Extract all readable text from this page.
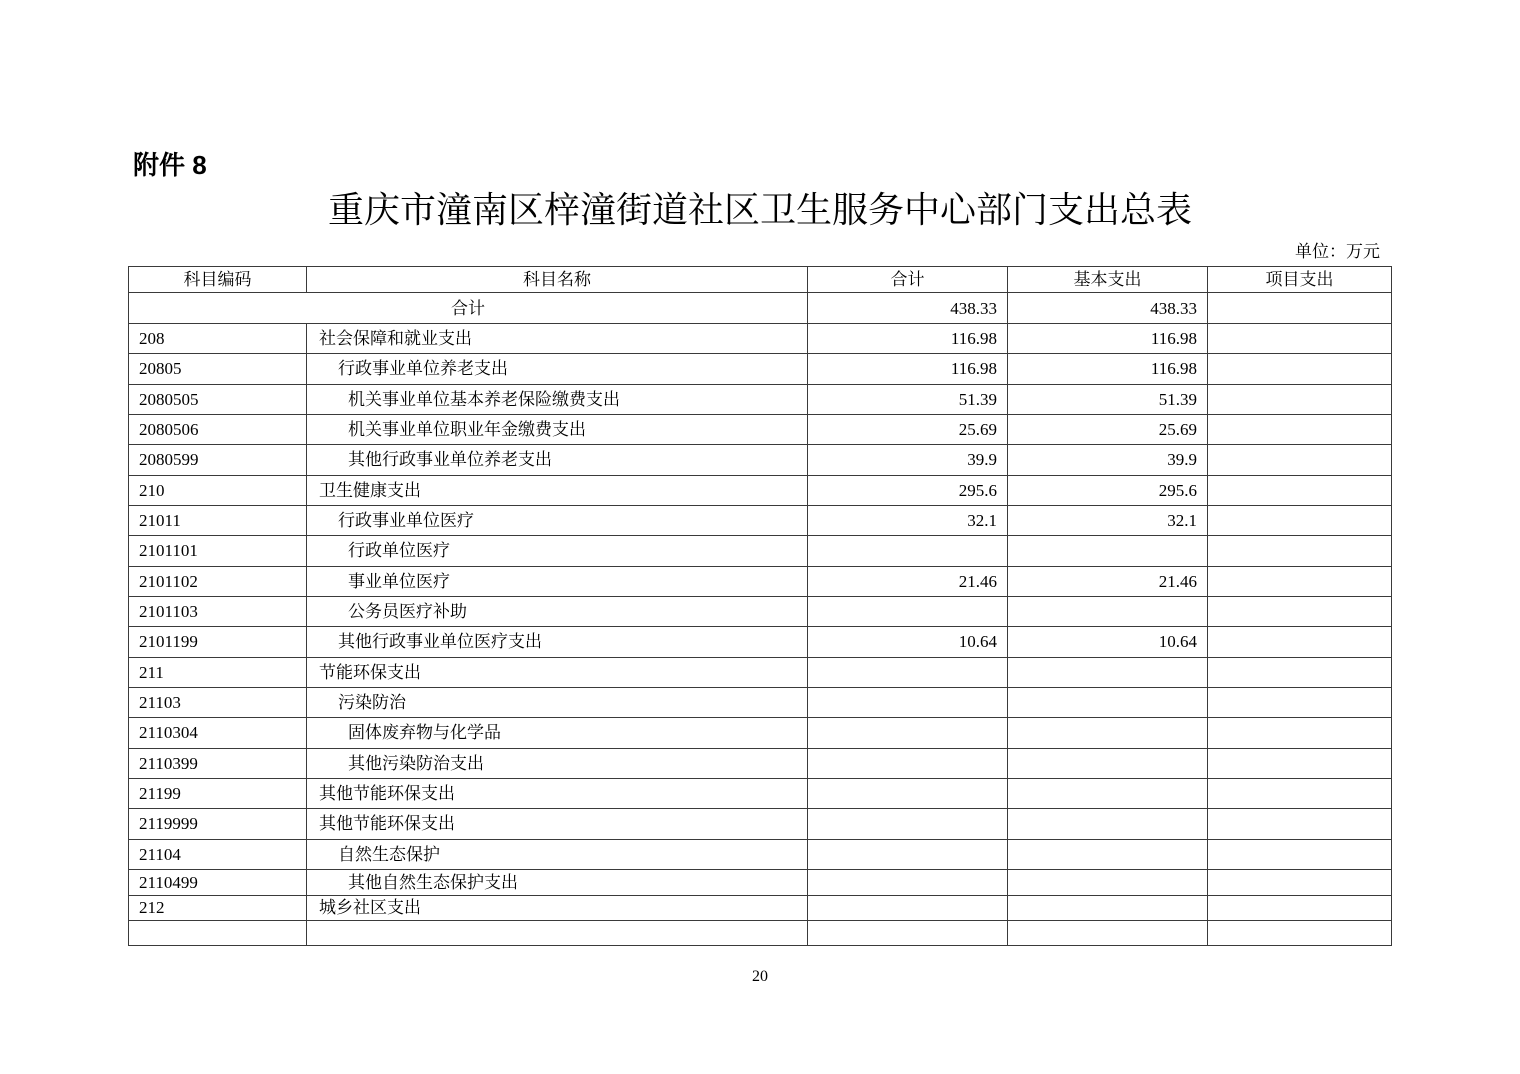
附件 8
重庆市潼南区梓潼街道社区卫生服务中心部门支出总表
单位：万元
科目编码	科目名称	合计	基本支出	项目支出
合计		438.33	438.33	
208	社会保障和就业支出	116.98	116.98	
20805	行政事业单位养老支出	116.98	116.98	
2080505	机关事业单位基本养老保险缴费支出	51.39	51.39	
2080506	机关事业单位职业年金缴费支出	25.69	25.69	
2080599	其他行政事业单位养老支出	39.9	39.9	
210	卫生健康支出	295.6	295.6	
21011	行政事业单位医疗	32.1	32.1	
2101101	行政单位医疗			
2101102	事业单位医疗	21.46	21.46	
2101103	公务员医疗补助			
2101199	其他行政事业单位医疗支出	10.64	10.64	
211	节能环保支出			
21103	污染防治			
2110304	固体废弃物与化学品			
2110399	其他污染防治支出			
21199	其他节能环保支出			
2119999	其他节能环保支出			
21104	自然生态保护			
2110499	其他自然生态保护支出			
212	城乡社区支出			

20
